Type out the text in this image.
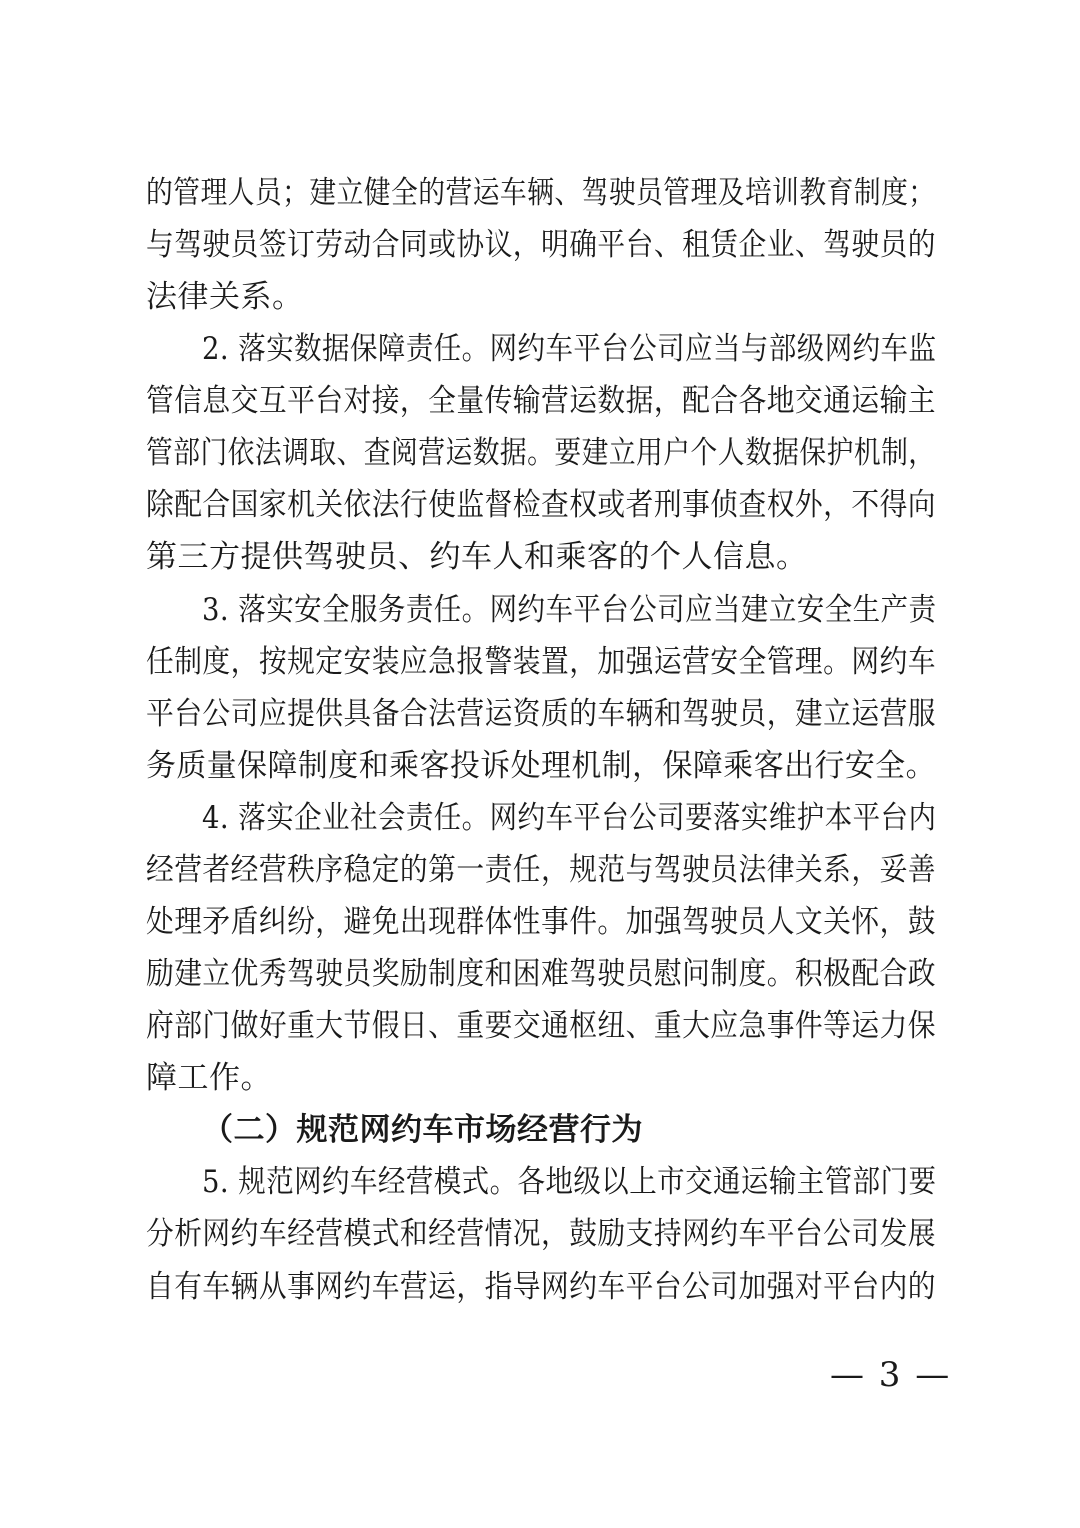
的管理人员；建立健全的营运车辆、驾驶员管理及培训教育制度；
与驾驶员签订劳动合同或协议，明确平台、租赁企业、驾驶员的
法律关系。
2. 落实数据保障责任。网约车平台公司应当与部级网约车监
管信息交互平台对接，全量传输营运数据，配合各地交通运输主
管部门依法调取、查阅营运数据。要建立用户个人数据保护机制，
除配合国家机关依法行使监督检查权或者刑事侦查权外，不得向
第三方提供驾驶员、约车人和乘客的个人信息。
3. 落实安全服务责任。网约车平台公司应当建立安全生产责
任制度，按规定安装应急报警装置，加强运营安全管理。网约车
平台公司应提供具备合法营运资质的车辆和驾驶员，建立运营服
务质量保障制度和乘客投诉处理机制，保障乘客出行安全。
4. 落实企业社会责任。网约车平台公司要落实维护本平台内
经营者经营秩序稳定的第一责任，规范与驾驶员法律关系，妥善
处理矛盾纠纷，避免出现群体性事件。加强驾驶员人文关怀，鼓
励建立优秀驾驶员奖励制度和困难驾驶员慰问制度。积极配合政
府部门做好重大节假日、重要交通枢纽、重大应急事件等运力保
障工作。
（二）规范网约车市场经营行为
5. 规范网约车经营模式。各地级以上市交通运输主管部门要
分析网约车经营模式和经营情况，鼓励支持网约车平台公司发展
自有车辆从事网约车营运，指导网约车平台公司加强对平台内的
— 3 —
